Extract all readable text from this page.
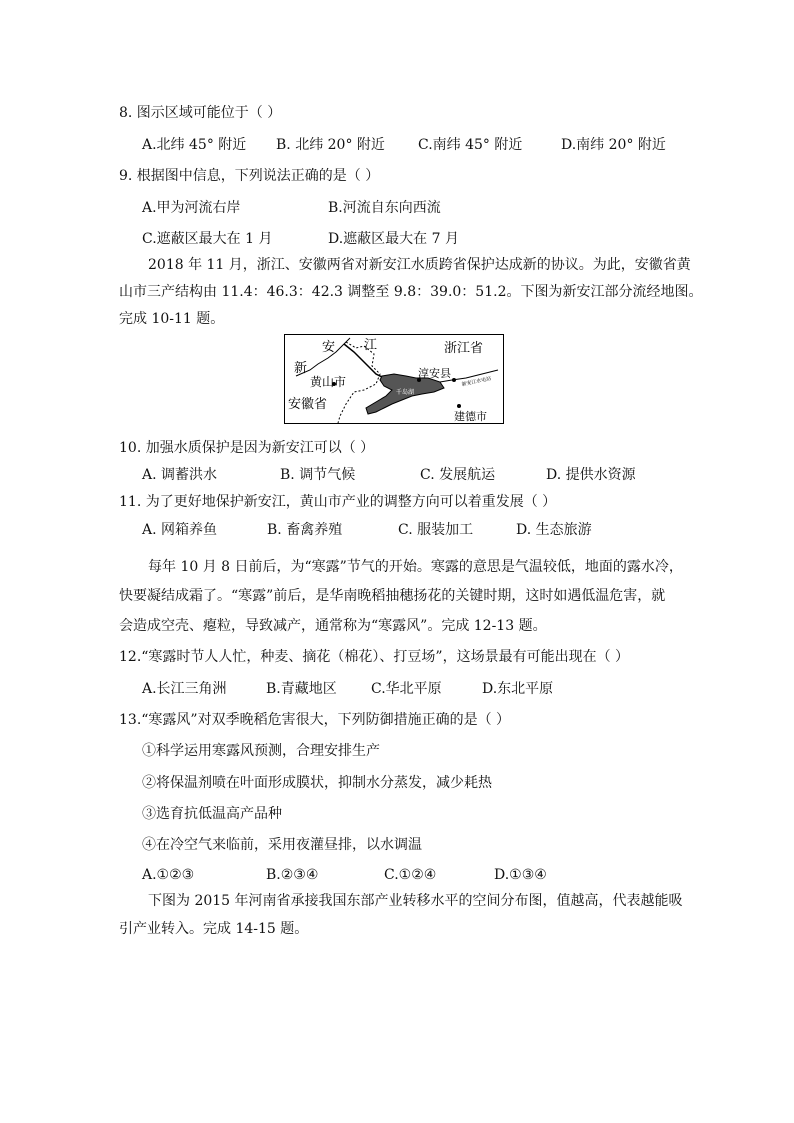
8. 图示区域可能位于（ ）
A.北纬 45° 附近 B. 北纬 20° 附近 C.南纬 45° 附近	D.南纬 20° 附近
9. 根据图中信息，下列说法正确的是（ ）
A.甲为河流右岸	B.河流自东向西流
C.遮蔽区最大在 1 月	D.遮蔽区最大在 7 月
2018 年 11 月，浙江、安徽两省对新安江水质跨省保护达成新的协议。为此，安徽省黄
山市三产结构由 11.4：46.3：42.3 调整至 9.8：39.0：51.2。下图为新安江部分流经地图。
完成 10-11 题。
安 江
新
浙江省
黄山市
安徽省
淳安县
建德市
千岛湖
新安江水电站
10. 加强水质保护是因为新安江可以（ ）
A. 调蓄洪水	B. 调节气候	C. 发展航运	D. 提供水资源
11. 为了更好地保护新安江，黄山市产业的调整方向可以着重发展（ ）
A. 网箱养鱼	B. 畜禽养殖	C. 服装加工	D. 生态旅游
每年 10 月 8 日前后，为“寒露”节气的开始。寒露的意思是气温较低，地面的露水冷，
快要凝结成霜了。“寒露”前后，是华南晚稻抽穗扬花的关键时期，这时如遇低温危害，就
会造成空壳、瘪粒，导致减产，通常称为“寒露风”。完成 12-13 题。
12.“寒露时节人人忙，种麦、摘花（棉花）、打豆场”，这场景最有可能出现在（ ）
A.长江三角洲	B.青藏地区 C.华北平原	D.东北平原
13.“寒露风”对双季晚稻危害很大，下列防御措施正确的是（ ）
①科学运用寒露风预测，合理安排生产
②将保温剂喷在叶面形成膜状，抑制水分蒸发，减少耗热
③选育抗低温高产品种
④在冷空气来临前，采用夜灌昼排，以水调温
A.①②③	B.②③④	C.①②④	D.①③④
下图为 2015 年河南省承接我国东部产业转移水平的空间分布图，值越高，代表越能吸
引产业转入。完成 14-15 题。
